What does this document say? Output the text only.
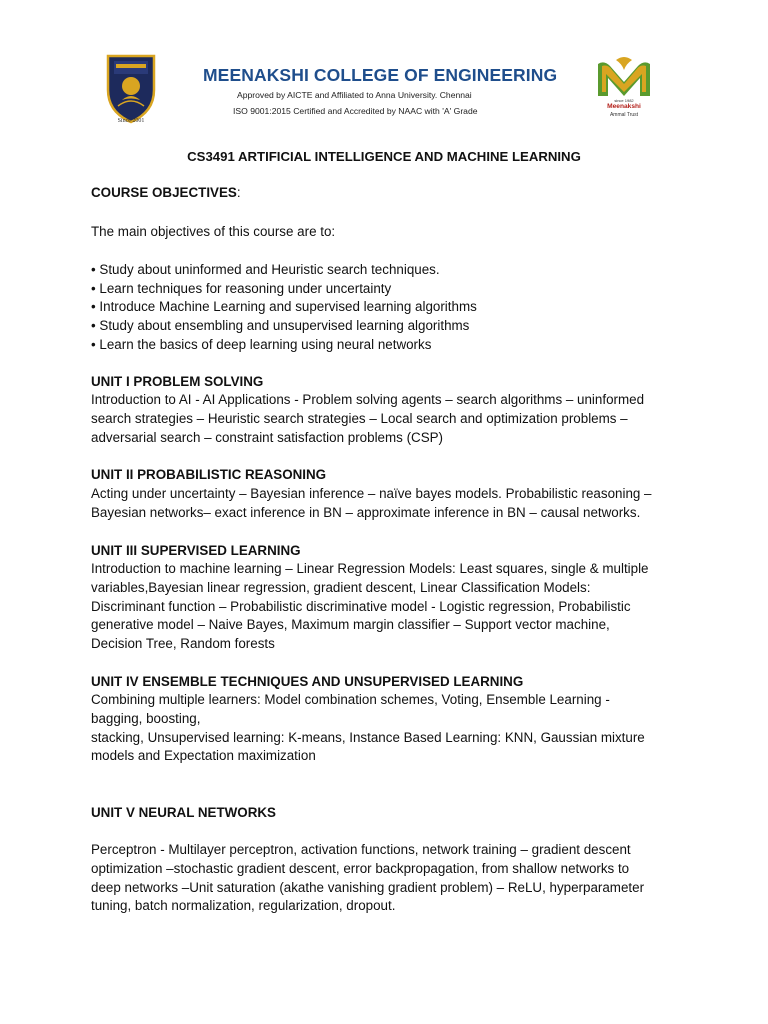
Since 2001
MEENAKSHI COLLEGE OF ENGINEERING
Approved by AICTE and Affiliated to Anna University. Chennai
ISO 9001:2015 Certified and Accredited by NAAC with 'A' Grade
since 1982
Meenakshi
Ammal Trust
CS3491 ARTIFICIAL INTELLIGENCE AND MACHINE LEARNING
COURSE OBJECTIVES:
The main objectives of this course are to:
• Study about uninformed and Heuristic search techniques.
• Learn techniques for reasoning under uncertainty
• Introduce Machine Learning and supervised learning algorithms
• Study about ensembling and unsupervised learning algorithms
• Learn the basics of deep learning using neural networks
UNIT I PROBLEM SOLVING
Introduction to AI - AI Applications - Problem solving agents – search algorithms – uninformed
search strategies – Heuristic search strategies – Local search and optimization problems –
adversarial search – constraint satisfaction problems (CSP)
UNIT II PROBABILISTIC REASONING
Acting under uncertainty – Bayesian inference – naïve bayes models. Probabilistic reasoning –
Bayesian networks– exact inference in BN – approximate inference in BN – causal networks.
UNIT III SUPERVISED LEARNING
Introduction to machine learning – Linear Regression Models: Least squares, single & multiple
variables,Bayesian linear regression, gradient descent, Linear Classification Models:
Discriminant function – Probabilistic discriminative model - Logistic regression, Probabilistic
generative model – Naive Bayes, Maximum margin classifier – Support vector machine,
Decision Tree, Random forests
UNIT IV ENSEMBLE TECHNIQUES AND UNSUPERVISED LEARNING
Combining multiple learners: Model combination schemes, Voting, Ensemble Learning -
bagging, boosting,
stacking, Unsupervised learning: K-means, Instance Based Learning: KNN, Gaussian mixture
models and Expectation maximization
UNIT V NEURAL NETWORKS
Perceptron - Multilayer perceptron, activation functions, network training – gradient descent
optimization –stochastic gradient descent, error backpropagation, from shallow networks to
deep networks –Unit saturation (akathe vanishing gradient problem) – ReLU, hyperparameter
tuning, batch normalization, regularization, dropout.
